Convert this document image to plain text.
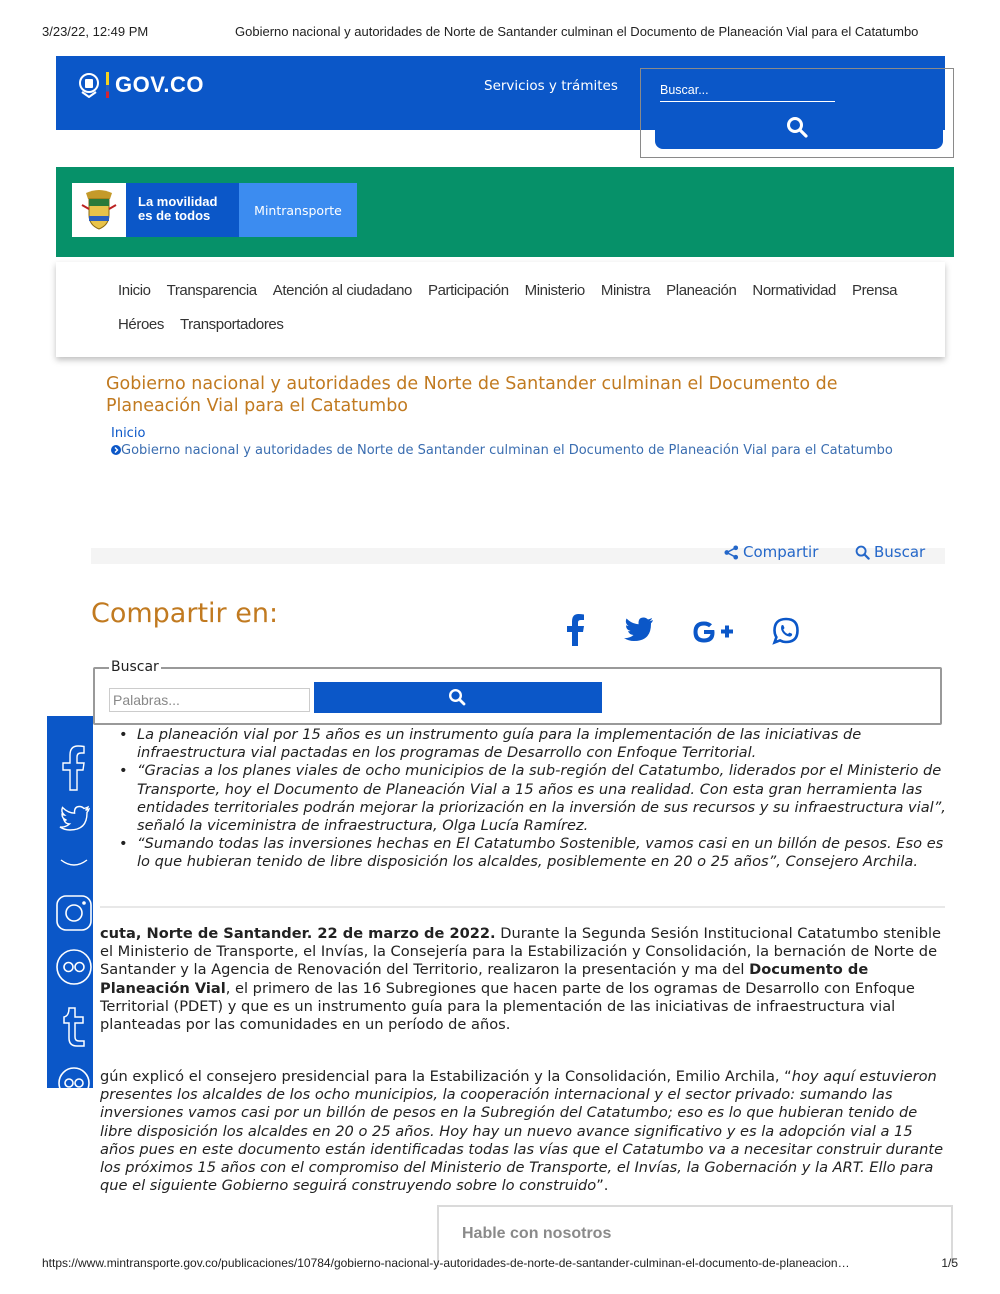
3/23/22, 12:49 PM	Gobierno nacional y autoridades de Norte de Santander culminan el Documento de Planeación Vial para el Catatumbo
GOV.CO	Servicios y trámites
Buscar...
La movilidad
es de todos	Mintransporte
Inicio Transparencia Atención al ciudadano Participación Ministerio Ministra Planeación Normatividad Prensa
Héroes Transportadores
Gobierno nacional y autoridades de Norte de Santander culminan el Documento de Planeación Vial para el Catatumbo
Inicio
Gobierno nacional y autoridades de Norte de Santander culminan el Documento de Planeación Vial para el Catatumbo
Compartir	Buscar
Compartir en:
Buscar
Palabras...
• La planeación vial por 15 años es un instrumento guía para la implementación de las iniciativas de infraestructura vial pactadas en los programas de Desarrollo con Enfoque Territorial.
• “Gracias a los planes viales de ocho municipios de la sub-región del Catatumbo, liderados por el Ministerio de Transporte, hoy el Documento de Planeación Vial a 15 años es una realidad. Con esta gran herramienta las entidades territoriales podrán mejorar la priorización en la inversión de sus recursos y su infraestructura vial”, señaló la viceministra de infraestructura, Olga Lucía Ramírez.
• “Sumando todas las inversiones hechas en El Catatumbo Sostenible, vamos casi en un billón de pesos. Eso es lo que hubieran tenido de libre disposición los alcaldes, posiblemente en 20 o 25 años”, Consejero Archila.

cuta, Norte de Santander. 22 de marzo de 2022. Durante la Segunda Sesión Institucional Catatumbo stenible el Ministerio de Transporte, el Invías, la Consejería para la Estabilización y Consolidación, la bernación de Norte de Santander y la Agencia de Renovación del Territorio, realizaron la presentación y ma del Documento de Planeación Vial, el primero de las 16 Subregiones que hacen parte de los ogramas de Desarrollo con Enfoque Territorial (PDET) y que es un instrumento guía para la plementación de las iniciativas de infraestructura vial planteadas por las comunidades en un período de años.

gún explicó el consejero presidencial para la Estabilización y la Consolidación, Emilio Archila, “hoy aquí estuvieron presentes los alcaldes de los ocho municipios, la cooperación internacional y el sector privado: sumando las inversiones vamos casi por un billón de pesos en la Subregión del Catatumbo; eso es lo que hubieran tenido de libre disposición los alcaldes en 20 o 25 años. Hoy hay un nuevo avance significativo y es la adopción vial a 15 años pues en este documento están identificadas todas las vías que el Catatumbo va a necesitar construir durante los próximos 15 años con el compromiso del Ministerio de Transporte, el Invías, la Gobernación y la ART. Ello para que el siguiente Gobierno seguirá construyendo sobre lo construido”.

Hable con nosotros
https://www.mintransporte.gov.co/publicaciones/10784/gobierno-nacional-y-autoridades-de-norte-de-santander-culminan-el-documento-de-planeacion…	1/5
